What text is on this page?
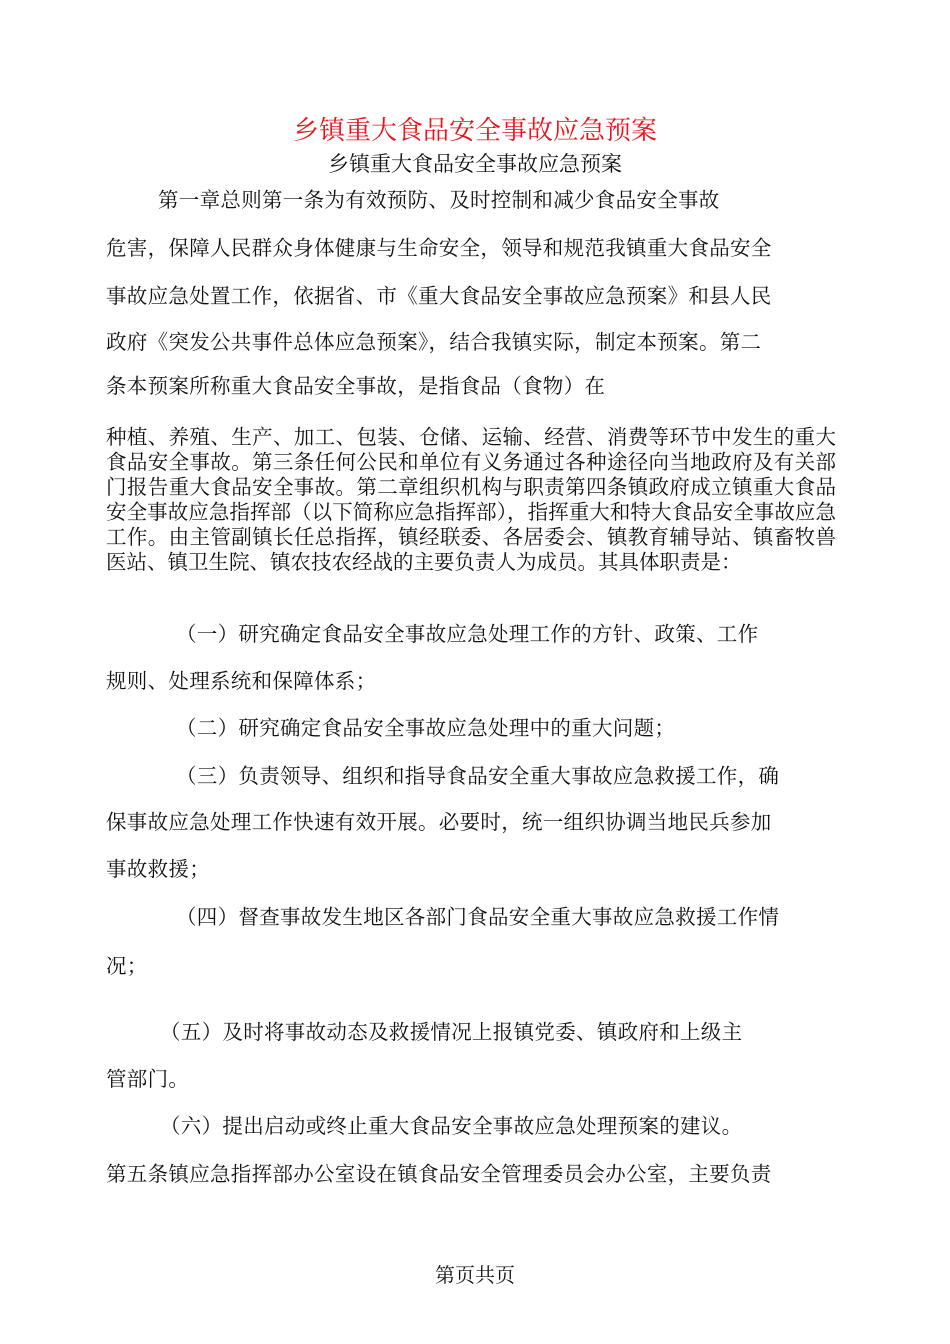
乡镇重大食品安全事故应急预案
乡镇重大食品安全事故应急预案
第一章总则第一条为有效预防、及时控制和减少食品安全事故
危害，保障人民群众身体健康与生命安全，领导和规范我镇重大食品安全
事故应急处置工作，依据省、市《重大食品安全事故应急预案》和县人民
政府《突发公共事件总体应急预案》，结合我镇实际，制定本预案。第二
条本预案所称重大食品安全事故，是指食品（食物）在
种植、养殖、生产、加工、包装、仓储、运输、经营、消费等环节中发生的重大食品安全事故。第三条任何公民和单位有义务通过各种途径向当地政府及有关部门报告重大食品安全事故。第二章组织机构与职责第四条镇政府成立镇重大食品安全事故应急指挥部（以下简称应急指挥部），指挥重大和特大食品安全事故应急工作。由主管副镇长任总指挥，镇经联委、各居委会、镇教育辅导站、镇畜牧兽医站、镇卫生院、镇农技农经战的主要负责人为成员。其具体职责是：
（一）研究确定食品安全事故应急处理工作的方针、政策、工作
规则、处理系统和保障体系；
（二）研究确定食品安全事故应急处理中的重大问题；
（三）负责领导、组织和指导食品安全重大事故应急救援工作，确
保事故应急处理工作快速有效开展。必要时，统一组织协调当地民兵参加
事故救援；
（四）督查事故发生地区各部门食品安全重大事故应急救援工作情
况；
（五）及时将事故动态及救援情况上报镇党委、镇政府和上级主
管部门。
（六）提出启动或终止重大食品安全事故应急处理预案的建议。
第五条镇应急指挥部办公室设在镇食品安全管理委员会办公室，主要负责
第页共页
